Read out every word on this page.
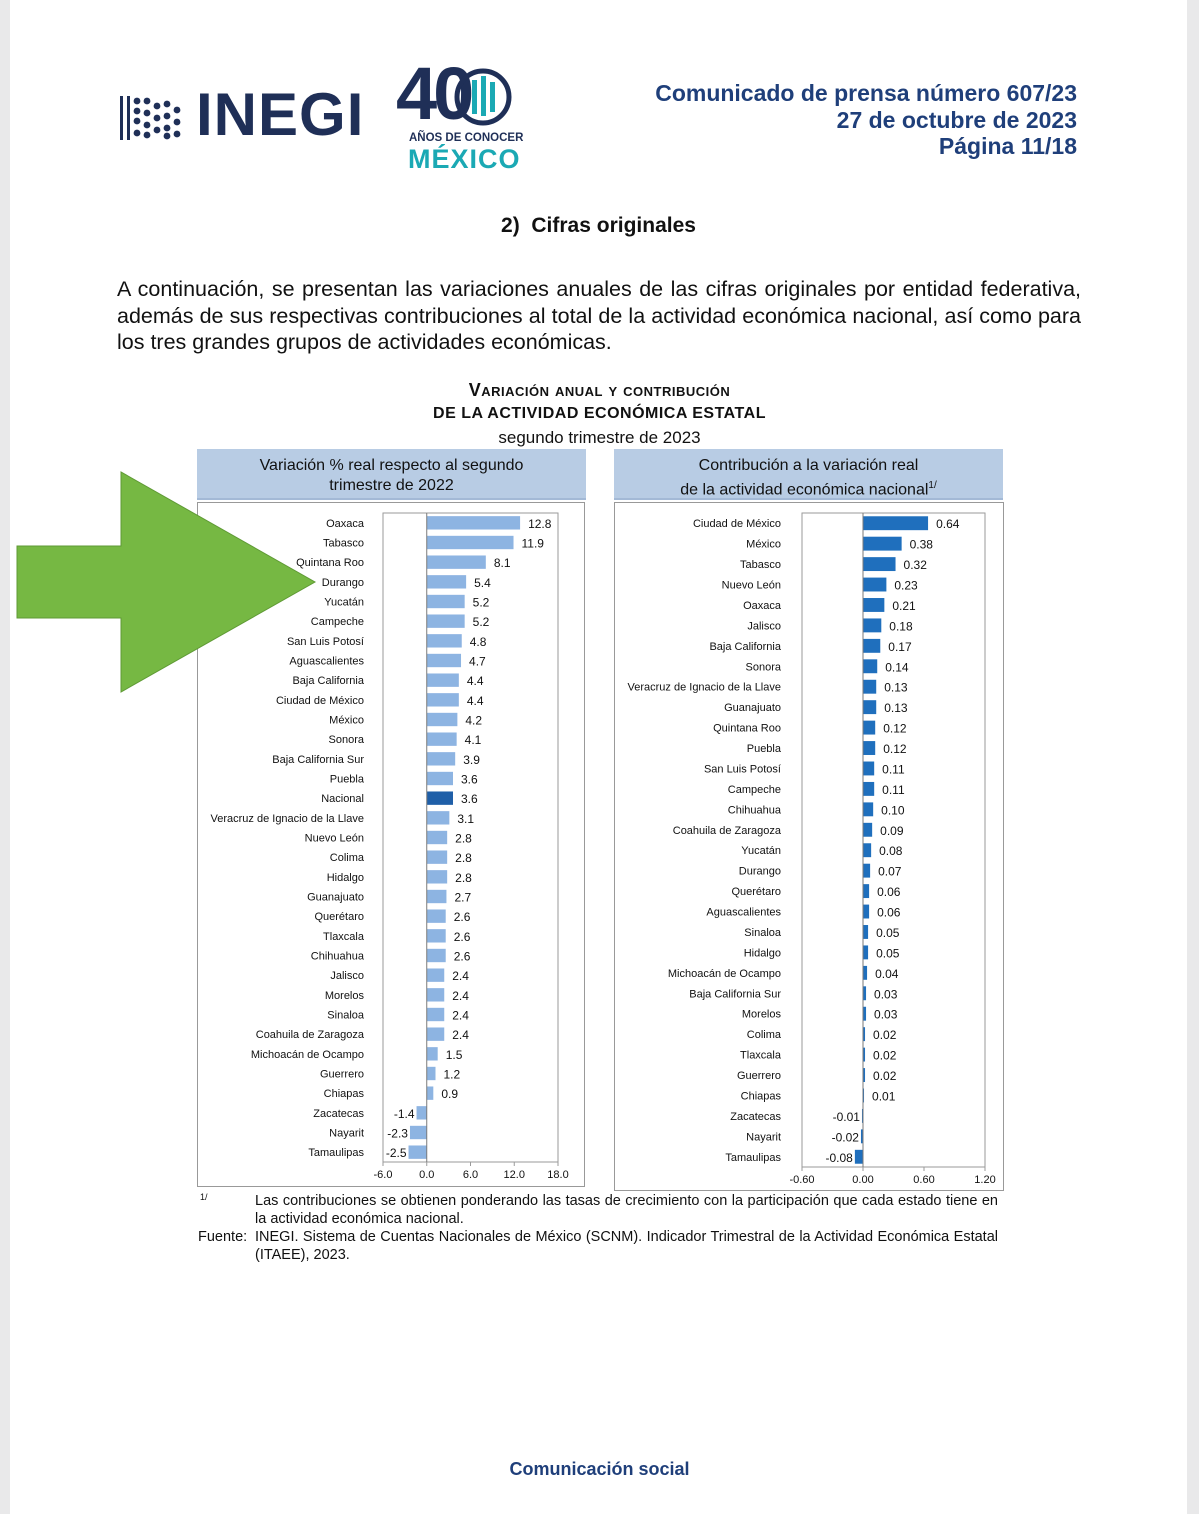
INEGI 40
AÑOS DE CONOCER
MÉXICO
Comunicado de prensa número 607/23
27 de octubre de 2023
Página 11/18
2)  Cifras originales
A continuación, se presentan las variaciones anuales de las cifras originales por entidad federativa, además de sus respectivas contribuciones al total de la actividad económica nacional, así como para los tres grandes grupos de actividades económicas.
Variación anual y contribución
DE LA ACTIVIDAD ECONÓMICA ESTATAL
segundo trimestre de 2023
Variación % real respecto al segundo
trimestre de 2022
Contribución a la variación real
de la actividad económica nacional$^{1/}$
-6.0 0.0	6.0 12.0 18.0
Oaxaca	12.8
Tabasco	11.9
Quintana Roo	8.1
Durango	5.4
Yucatán	5.2
Campeche	5.2
San Luis Potosí	4.8
Aguascalientes	4.7
Baja California	4.4
Ciudad de México	4.4
México	4.2
Sonora	4.1
Baja California Sur	3.9
Puebla	3.6
Nacional	3.6
Veracruz de Ignacio de la Llave	3.1
Nuevo León	2.8
Colima	2.8
Hidalgo	2.8
Guanajuato	2.7
Querétaro	2.6
Tlaxcala	2.6
Chihuahua	2.6
Jalisco	2.4
Morelos	2.4
Sinaloa	2.4
Coahuila de Zaragoza	2.4
Michoacán de Ocampo	1.5
Guerrero	1.2
Chiapas	0.9
Zacatecas -1.4
Nayarit -2.3
Tamaulipas -2.5
-0.60	0.00	0.60	1.20
Ciudad de México	0.64
México	0.38
Tabasco	0.32
Nuevo León	0.23
Oaxaca	0.21
Jalisco	0.18
Baja California	0.17
Sonora	0.14
Veracruz de Ignacio de la Llave	0.13
Guanajuato	0.13
Quintana Roo	0.12
Puebla	0.12
San Luis Potosí	0.11
Campeche	0.11
Chihuahua	0.10
Coahuila de Zaragoza	0.09
Yucatán	0.08
Durango	0.07
Querétaro	0.06
Aguascalientes	0.06
Sinaloa	0.05
Hidalgo	0.05
Michoacán de Ocampo	0.04
Baja California Sur	0.03
Morelos	0.03
Colima	0.02
Tlaxcala	0.02
Guerrero	0.02
Chiapas	0.01
Zacatecas	-0.01
Nayarit	-0.02
Tamaulipas	-0.08
1/	Las contribuciones se obtienen ponderando las tasas de crecimiento con la participación que cada estado tiene en la actividad económica nacional.
Fuente: INEGI. Sistema de Cuentas Nacionales de México (SCNM). Indicador Trimestral de la Actividad Económica Estatal (ITAEE), 2023.
Comunicación social
